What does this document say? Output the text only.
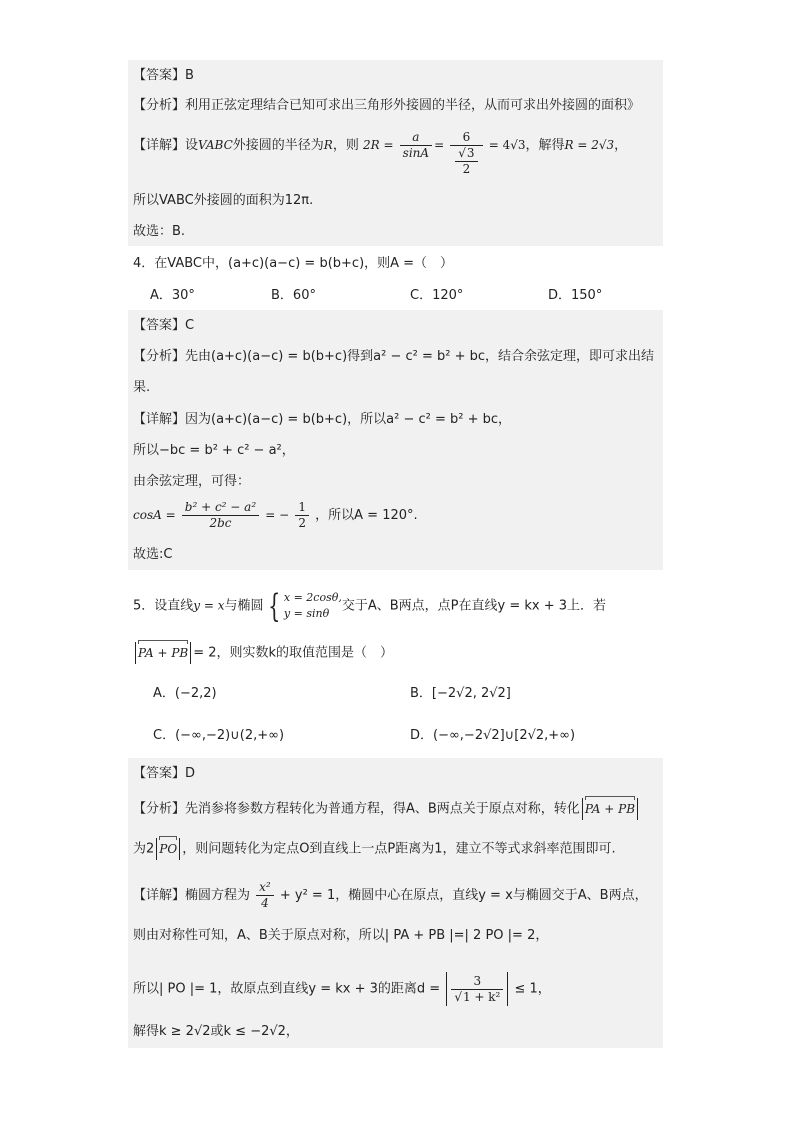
【答案】B
【分析】利用正弦定理结合已知可求出三角形外接圆的半径，从而可求出外接圆的面积》
【详解】设VABC外接圆的半径为R，则 $2R = \frac{a}{\sin A} = \frac{6}{\frac{√3}{2}} = 4√3$，解得R = 2√3，
所以VABC外接圆的面积为12π.
故选：B.
4．在VABC中，(a+c)(a−c) = b(b+c)，则A =（　）
A．30°	B．60°	C．120°	D．150°
【答案】C
【分析】先由(a+c)(a−c) = b(b+c)得到a² − c² = b² + bc，结合余弦定理，即可求出结
果.
【详解】因为(a+c)(a−c) = b(b+c)，所以a² − c² = b² + bc，
所以−bc = b² + c² − a²，
由余弦定理，可得：
$\cos A = \frac{\text{b² + c² − a²}}{2bc}$ = − $\frac{1}{2}$ ，所以A = 120°.
故选:C
5．设直线y = x与椭圆 { x = 2cosθ,
y = sinθ 交于A、B两点，点P在直线y = kx + 3上．若
PA + PB = 2，则实数k的取值范围是（　）
A．(−2,2)	B．[−2√2, 2√2]
C．(−∞,−2)∪(2,+∞)	D．(−∞,−2√2]∪[2√2,+∞)
【答案】D
【分析】先消参将参数方程转化为普通方程，得A、B两点关于原点对称，转化 PA + PB
为2 PO ，则问题转化为定点O到直线上一点P距离为1，建立不等式求斜率范围即可.
【详解】椭圆方程为 $\frac{\text{x²}}{4} + y^2 = 1$，椭圆中心在原点，直线y = x与椭圆交于A、B两点，
则由对称性可知，A、B关于原点对称，所以| PA + PB |=| 2 PO |= 2，
所以| PO |= 1，故原点到直线y = kx + 3的距离$d = \frac{3}{\text{√1 + k²}} \le 1$，
解得k ≥ 2√2或k ≤ −2√2，
